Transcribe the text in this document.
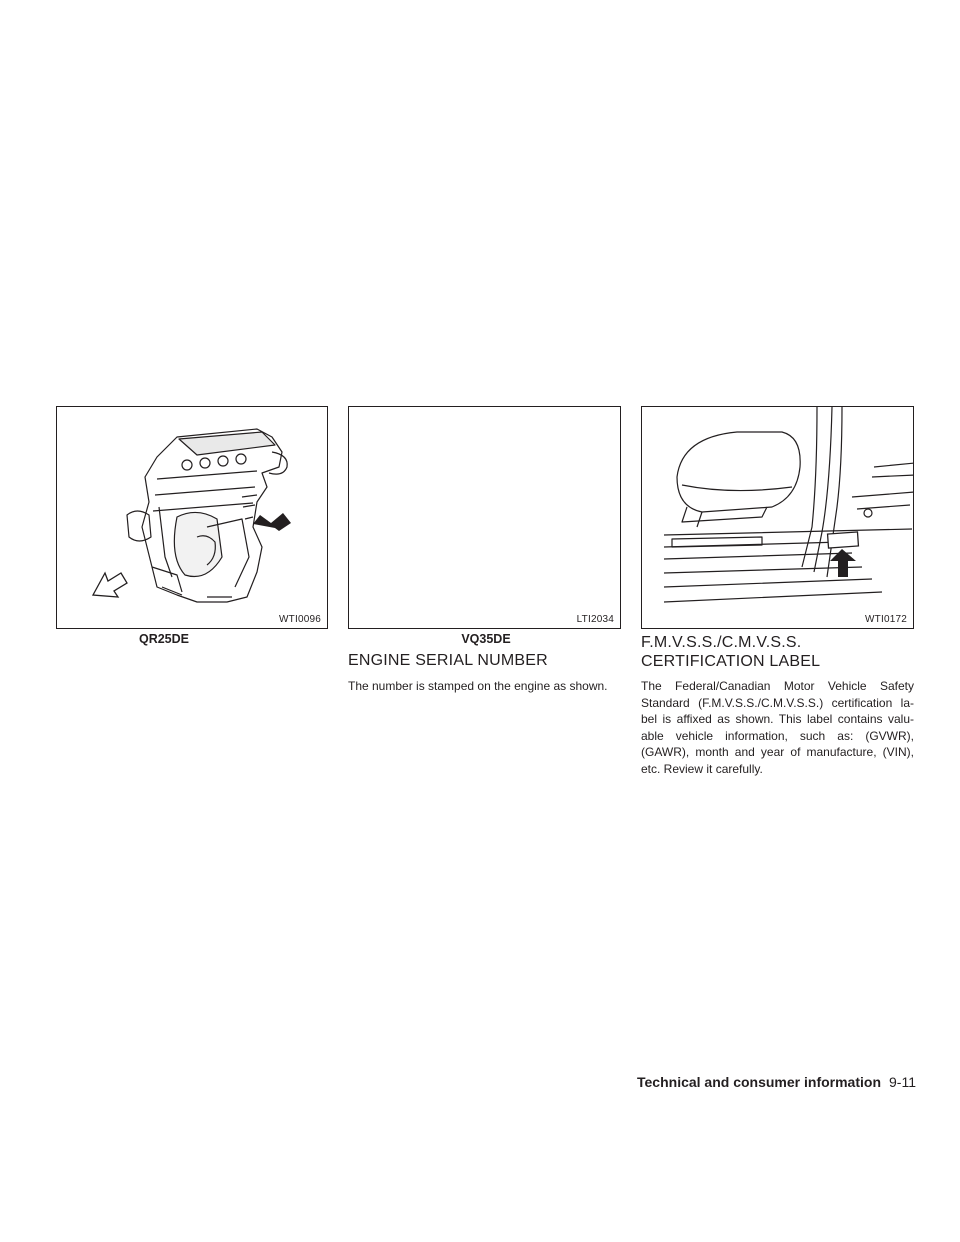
WTI0096
QR25DE
LTI2034
VQ35DE
WTI0172
ENGINE SERIAL NUMBER

The number is stamped on the engine as shown.

F.M.V.S.S./C.M.V.S.S.
CERTIFICATION LABEL

The Federal/Canadian Motor Vehicle Safety Standard (F.M.V.S.S./C.M.V.S.S.) certification la- bel is affixed as shown. This label contains valu- able vehicle information, such as: (GVWR), (GAWR), month and year of manufacture, (VIN), etc. Review it carefully.

Technical and consumer information 9-11
